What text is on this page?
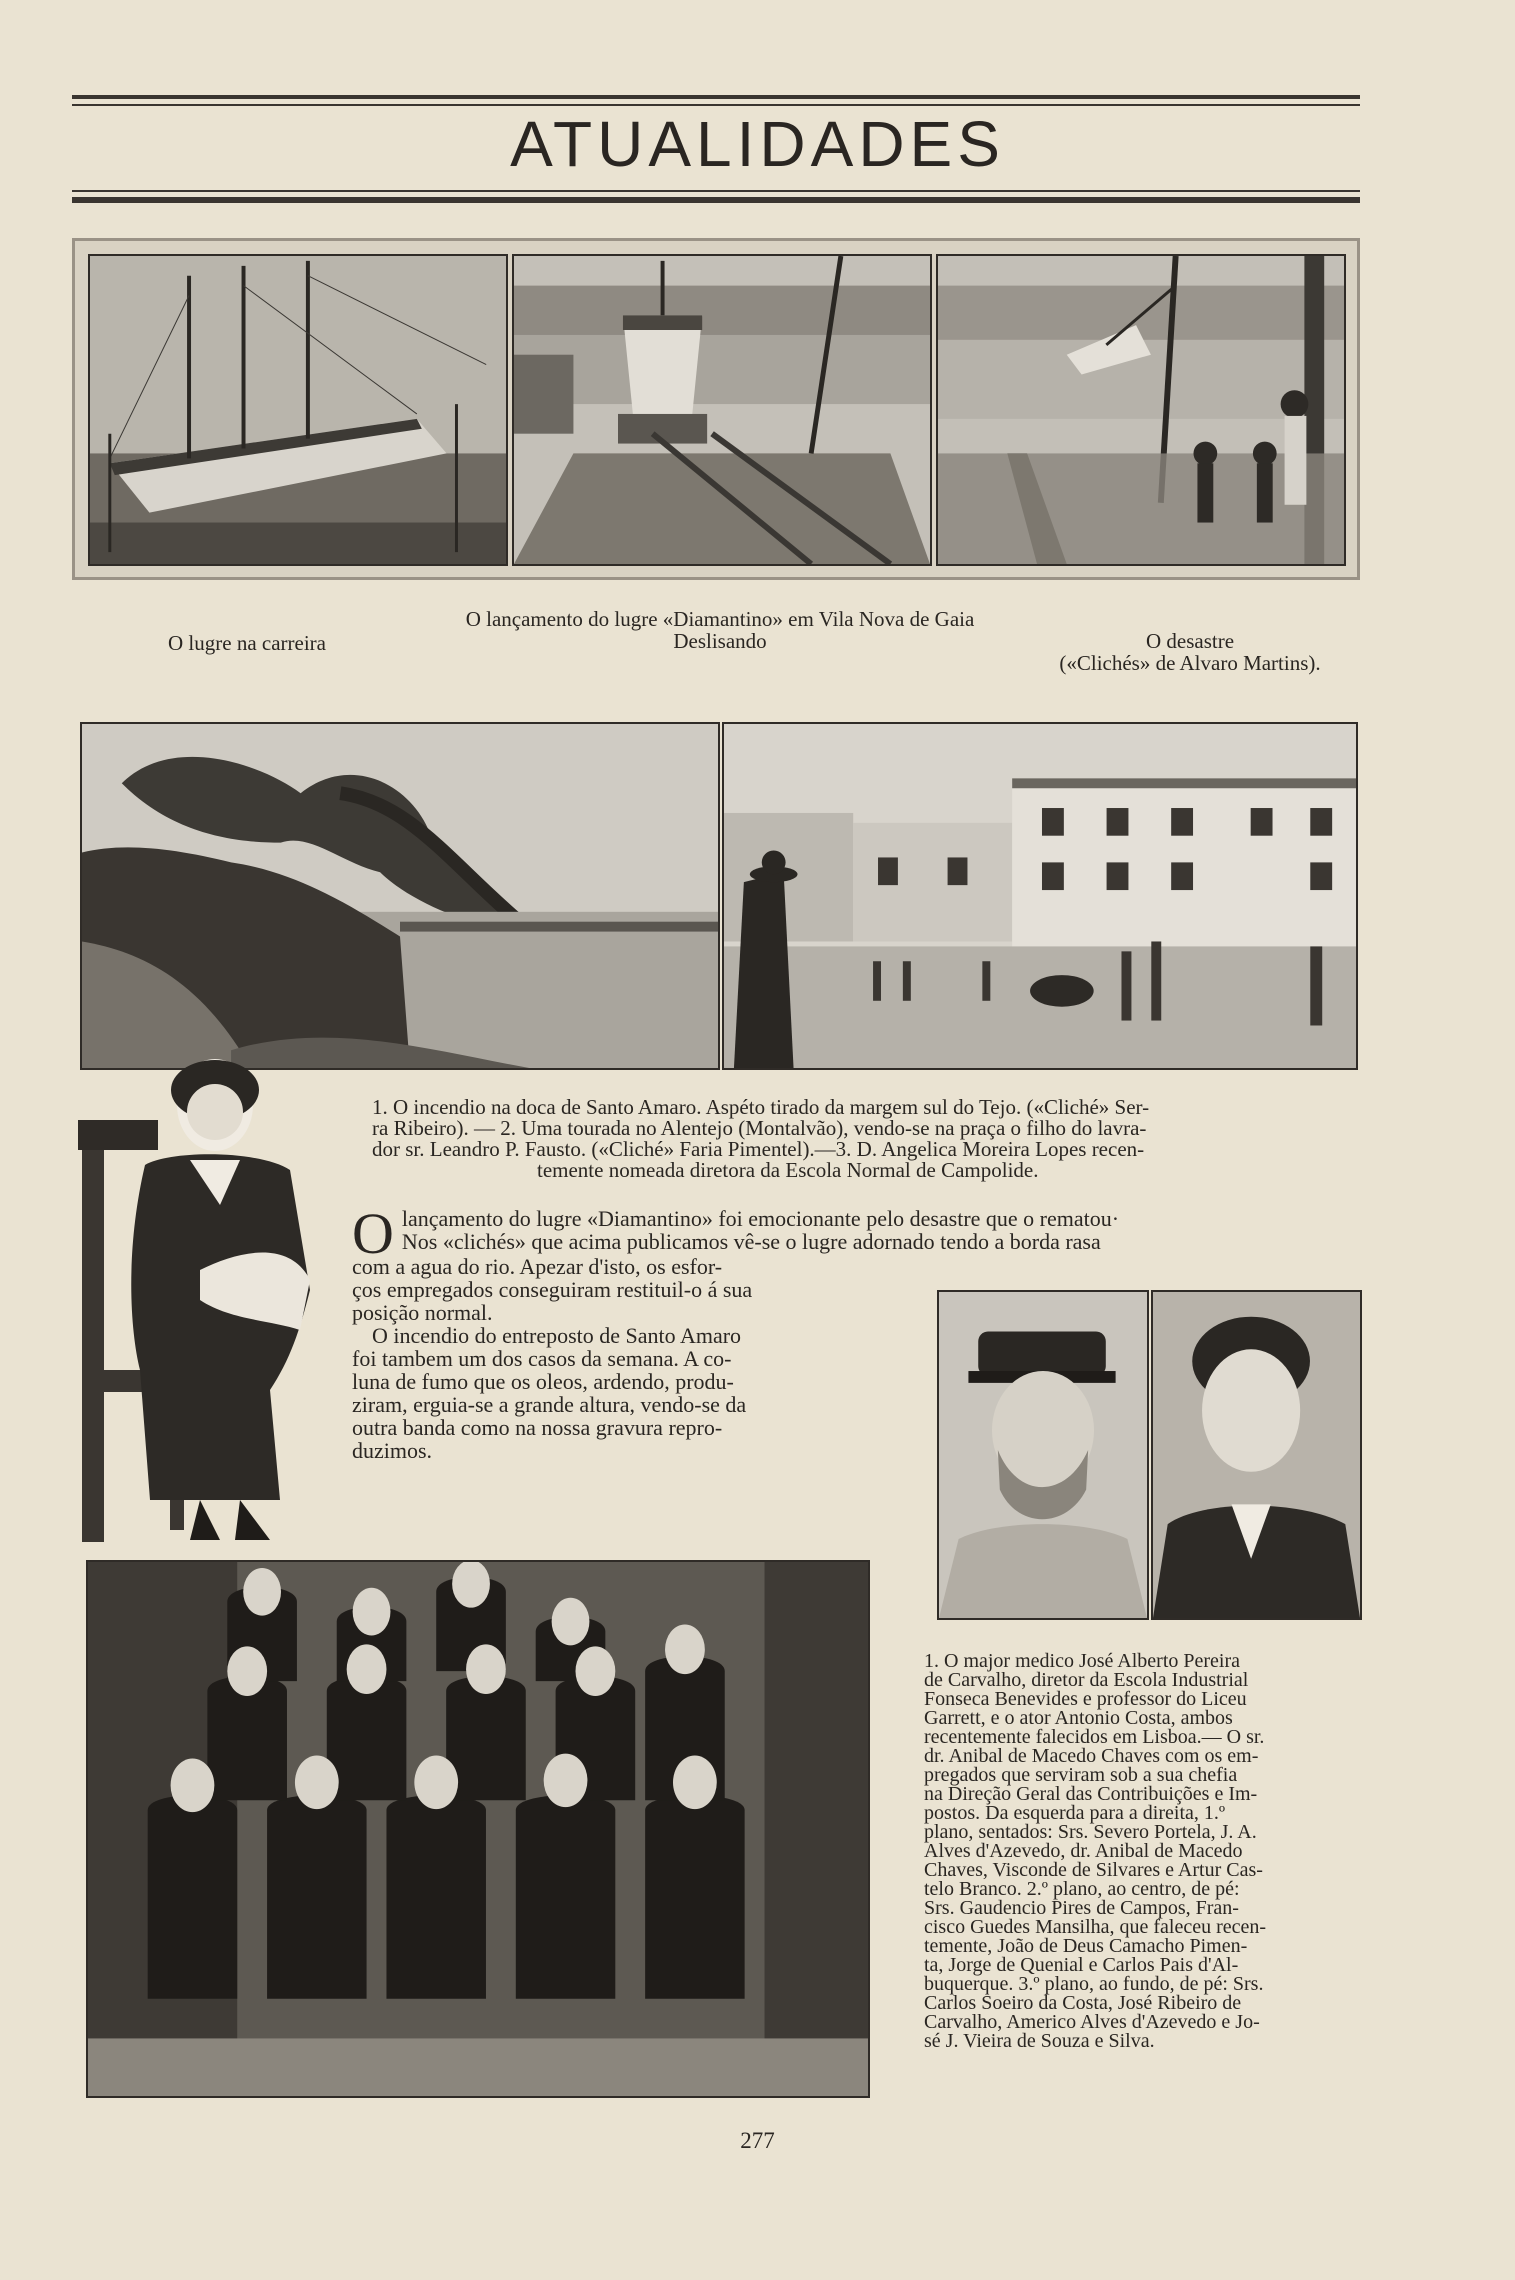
ATUALIDADES
O lugre na carreira
O lançamento do lugre «Diamantino» em Vila Nova de Gaia
Deslisando	O desastre
(«Clichés» de Alvaro Martins).
1. O incendio na doca de Santo Amaro. Aspéto tirado da margem sul do Tejo. («Cliché» Ser-
ra Ribeiro). — 2. Uma tourada no Alentejo (Montalvão), vendo-se na praça o filho do lavra-
dor sr. Leandro P. Fausto. («Cliché» Faria Pimentel).—3. D. Angelica Moreira Lopes recen-
temente nomeada diretora da Escola Normal de Campolide.
O lançamento do lugre «Diamantino» foi emocionante pelo desastre que o rematou·
Nos «clichés» que acima publicamos vê-se o lugre adornado tendo a borda rasa
com a agua do rio. Apezar d'isto, os esfor-
ços empregados conseguiram restituil-o á sua
posição normal.
O incendio do entreposto de Santo Amaro
foi tambem um dos casos da semana. A co-
luna de fumo que os oleos, ardendo, produ-
ziram, erguia-se a grande altura, vendo-se da
outra banda como na nossa gravura repro-
duzimos.
1. O major medico José Alberto Pereira
de Carvalho, diretor da Escola Industrial
Fonseca Benevides e professor do Liceu
Garrett, e o ator Antonio Costa, ambos
recentemente falecidos em Lisboa.— O sr.
dr. Anibal de Macedo Chaves com os em-
pregados que serviram sob a sua chefia
na Direção Geral das Contribuições e Im-
postos. Da esquerda para a direita, 1.º
plano, sentados: Srs. Severo Portela, J. A.
Alves d'Azevedo, dr. Anibal de Macedo
Chaves, Visconde de Silvares e Artur Cas-
telo Branco. 2.º plano, ao centro, de pé:
Srs. Gaudencio Pires de Campos, Fran-
cisco Guedes Mansilha, que faleceu recen-
temente, João de Deus Camacho Pimen-
ta, Jorge de Quenial e Carlos Pais d'Al-
buquerque. 3.º plano, ao fundo, de pé: Srs.
Carlos Soeiro da Costa, José Ribeiro de
Carvalho, Americo Alves d'Azevedo e Jo-
sé J. Vieira de Souza e Silva.
277
